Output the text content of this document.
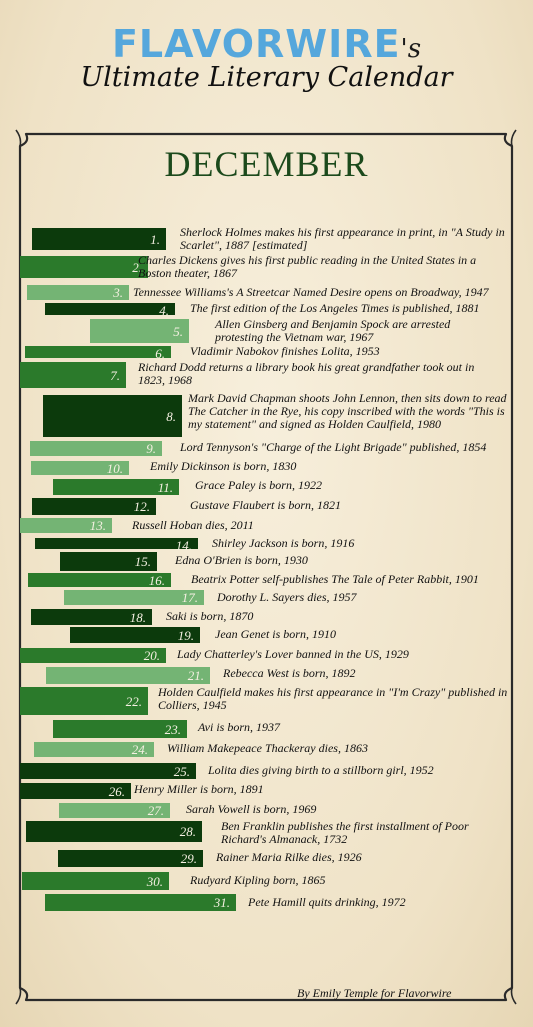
FLAVORWIRE's
Ultimate Literary Calendar
DECEMBER
1. Sherlock Holmes makes his first appearance in print, in "A Study in Scarlet", 1887 [estimated]
2.
Charles Dickens gives his first public reading in the United States in a Boston theater, 1867
3. Tennessee Williams's A Streetcar Named Desire opens on Broadway, 1947
4. The first edition of the Los Angeles Times is published, 1881
5.	Allen Ginsberg and Benjamin Spock are arrested protesting the Vietnam war, 1967
6. Vladimir Nabokov finishes Lolita, 1953
7.
Richard Dodd returns a library book his great grandfather took out in 1823, 1968
8.
Mark David Chapman shoots John Lennon, then sits down to read The Catcher in the Rye, his copy inscribed with the words "This is my statement" and signed as Holden Caulfield, 1980
9. Lord Tennyson's "Charge of the Light Brigade" published, 1854
10. Emily Dickinson is born, 1830
11. Grace Paley is born, 1922
12.	Gustave Flaubert is born, 1821
13. Russell Hoban dies, 2011
14. Shirley Jackson is born, 1916
15. Edna O'Brien is born, 1930
16. Beatrix Potter self-publishes The Tale of Peter Rabbit, 1901
17. Dorothy L. Sayers dies, 1957
18. Saki is born, 1870
19. Jean Genet is born, 1910
20. Lady Chatterley's Lover banned in the US, 1929
21. Rebecca West is born, 1892
22.
Holden Caulfield makes his first appearance in "I'm Crazy" published in Colliers, 1945
23. Avi is born, 1937
24. William Makepeace Thackeray dies, 1863
25. Lolita dies giving birth to a stillborn girl, 1952
26. Henry Miller is born, 1891
27. Sarah Vowell is born, 1969
28. Ben Franklin publishes the first installment of Poor Richard's Almanack, 1732
29. Rainer Maria Rilke dies, 1926
30. Rudyard Kipling born, 1865
31. Pete Hamill quits drinking, 1972
By Emily Temple for Flavorwire
